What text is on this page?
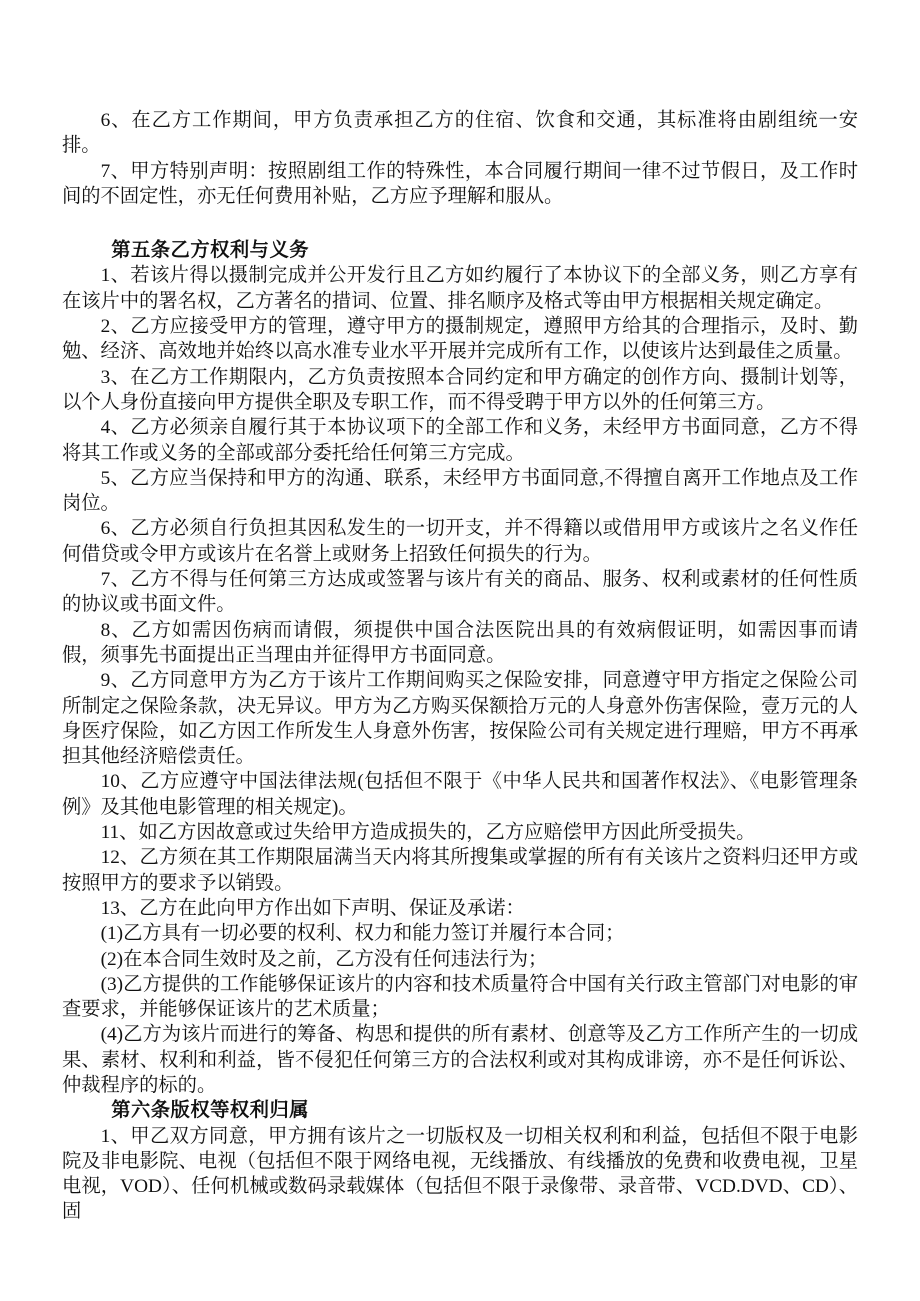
6、在乙方工作期间，甲方负责承担乙方的住宿、饮食和交通，其标准将由剧组统一安排。

7、甲方特别声明：按照剧组工作的特殊性，本合同履行期间一律不过节假日，及工作时间的不固定性，亦无任何费用补贴，乙方应予理解和服从。

第五条乙方权利与义务

1、若该片得以摄制完成并公开发行且乙方如约履行了本协议下的全部义务，则乙方享有在该片中的署名权，乙方著名的措词、位置、排名顺序及格式等由甲方根据相关规定确定。

2、乙方应接受甲方的管理，遵守甲方的摄制规定，遵照甲方给其的合理指示，及时、勤勉、经济、高效地并始终以高水准专业水平开展并完成所有工作，以使该片达到最佳之质量。

3、在乙方工作期限内，乙方负责按照本合同约定和甲方确定的创作方向、摄制计划等，以个人身份直接向甲方提供全职及专职工作，而不得受聘于甲方以外的任何第三方。

4、乙方必须亲自履行其于本协议项下的全部工作和义务，未经甲方书面同意，乙方不得将其工作或义务的全部或部分委托给任何第三方完成。

5、乙方应当保持和甲方的沟通、联系，未经甲方书面同意,不得擅自离开工作地点及工作岗位。

6、乙方必须自行负担其因私发生的一切开支，并不得籍以或借用甲方或该片之名义作任何借贷或令甲方或该片在名誉上或财务上招致任何损失的行为。

7、乙方不得与任何第三方达成或签署与该片有关的商品、服务、权利或素材的任何性质的协议或书面文件。

8、乙方如需因伤病而请假，须提供中国合法医院出具的有效病假证明，如需因事而请假，须事先书面提出正当理由并征得甲方书面同意。

9、乙方同意甲方为乙方于该片工作期间购买之保险安排，同意遵守甲方指定之保险公司所制定之保险条款，决无异议。甲方为乙方购买保额拾万元的人身意外伤害保险，壹万元的人身医疗保险，如乙方因工作所发生人身意外伤害，按保险公司有关规定进行理赔，甲方不再承担其他经济赔偿责任。

10、乙方应遵守中国法律法规(包括但不限于《中华人民共和国著作权法》、《电影管理条例》及其他电影管理的相关规定)。

11、如乙方因故意或过失给甲方造成损失的，乙方应赔偿甲方因此所受损失。

12、乙方须在其工作期限届满当天内将其所搜集或掌握的所有有关该片之资料归还甲方或按照甲方的要求予以销毁。

13、乙方在此向甲方作出如下声明、保证及承诺：

(1)乙方具有一切必要的权利、权力和能力签订并履行本合同；

(2)在本合同生效时及之前，乙方没有任何违法行为；

(3)乙方提供的工作能够保证该片的内容和技术质量符合中国有关行政主管部门对电影的审查要求，并能够保证该片的艺术质量；

(4)乙方为该片而进行的筹备、构思和提供的所有素材、创意等及乙方工作所产生的一切成果、素材、权利和利益，皆不侵犯任何第三方的合法权利或对其构成诽谤，亦不是任何诉讼、仲裁程序的标的。

第六条版权等权利归属

1、甲乙双方同意，甲方拥有该片之一切版权及一切相关权利和利益，包括但不限于电影院及非电影院、电视（包括但不限于网络电视，无线播放、有线播放的免费和收费电视，卫星电视，VOD）、任何机械或数码录载媒体（包括但不限于录像带、录音带、VCD.DVD、CD）、固
